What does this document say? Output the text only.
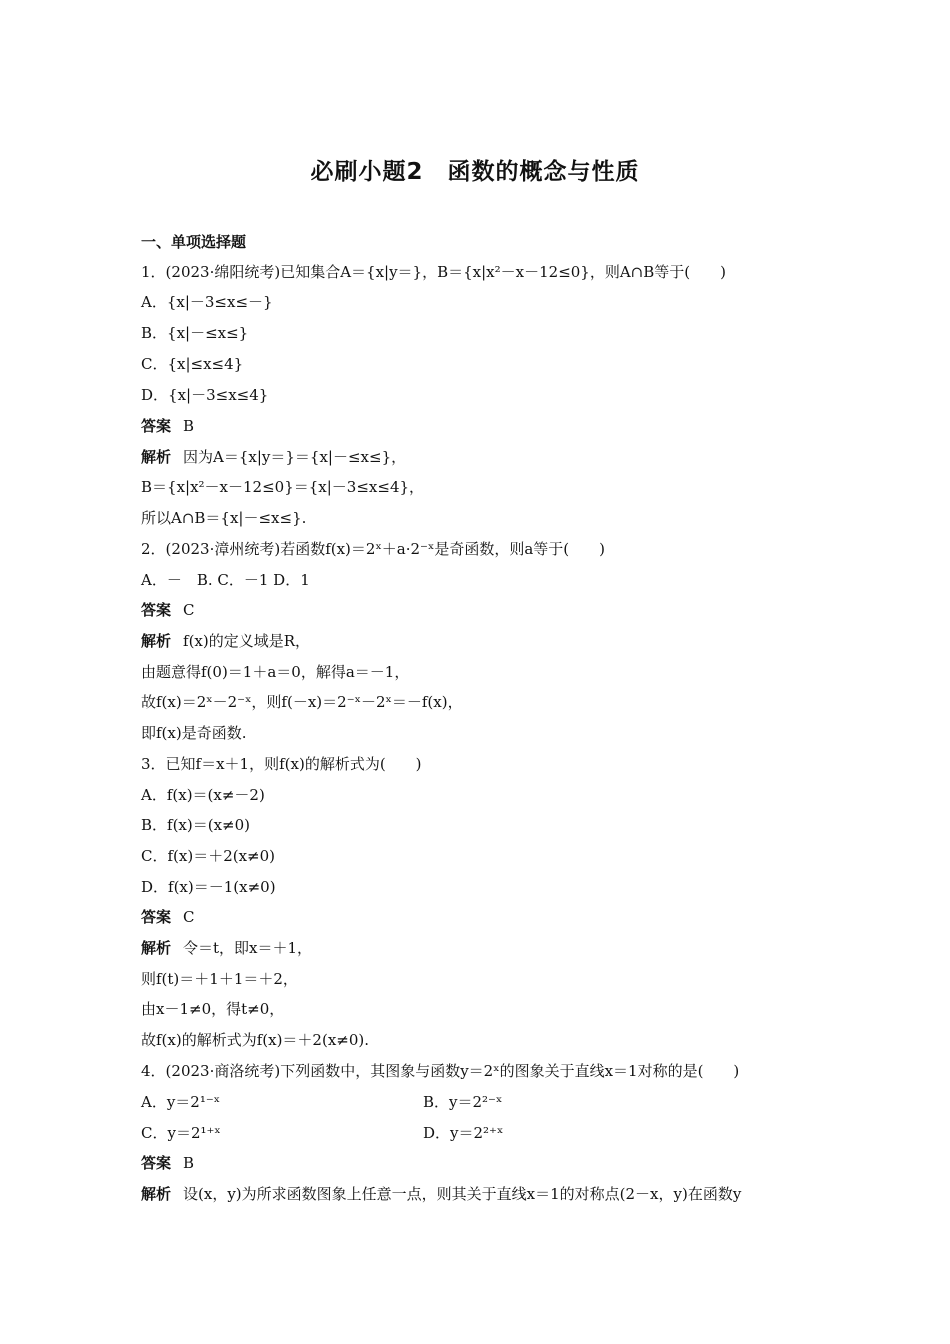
必刷小题2　函数的概念与性质
一、单项选择题
1．(2023·绵阳统考)已知集合A＝{x|y＝}，B＝{x|x²－x－12≤0}，则A∩B等于(　　)
A．{x|－3≤x≤－}
B．{x|－≤x≤}
C．{x|≤x≤4}
D．{x|－3≤x≤4}
答案 B
解析 因为A＝{x|y＝}＝{x|－≤x≤}，
B＝{x|x²－x－12≤0}＝{x|－3≤x≤4}，
所以A∩B＝{x|－≤x≤}.
2．(2023·漳州统考)若函数f(x)＝2ˣ＋a·2⁻ˣ是奇函数，则a等于(　　)
A．－　B. C．－1 D．1
答案 C
解析 f(x)的定义域是R，
由题意得f(0)＝1＋a＝0，解得a＝－1，
故f(x)＝2ˣ－2⁻ˣ，则f(－x)＝2⁻ˣ－2ˣ＝－f(x)，
即f(x)是奇函数.
3．已知f＝x＋1，则f(x)的解析式为(　　)
A．f(x)＝(x≠－2)
B．f(x)＝(x≠0)
C．f(x)＝＋2(x≠0)
D．f(x)＝－1(x≠0)
答案 C
解析 令＝t，即x＝＋1，
则f(t)＝＋1＋1＝＋2，
由x－1≠0，得t≠0，
故f(x)的解析式为f(x)＝＋2(x≠0).
4．(2023·商洛统考)下列函数中，其图象与函数y＝2ˣ的图象关于直线x＝1对称的是(　　)
A．y＝2¹⁻ˣ	B．y＝2²⁻ˣ
C．y＝2¹⁺ˣ	D．y＝2²⁺ˣ
答案 B
解析 设(x，y)为所求函数图象上任意一点，则其关于直线x＝1的对称点(2－x，y)在函数y
